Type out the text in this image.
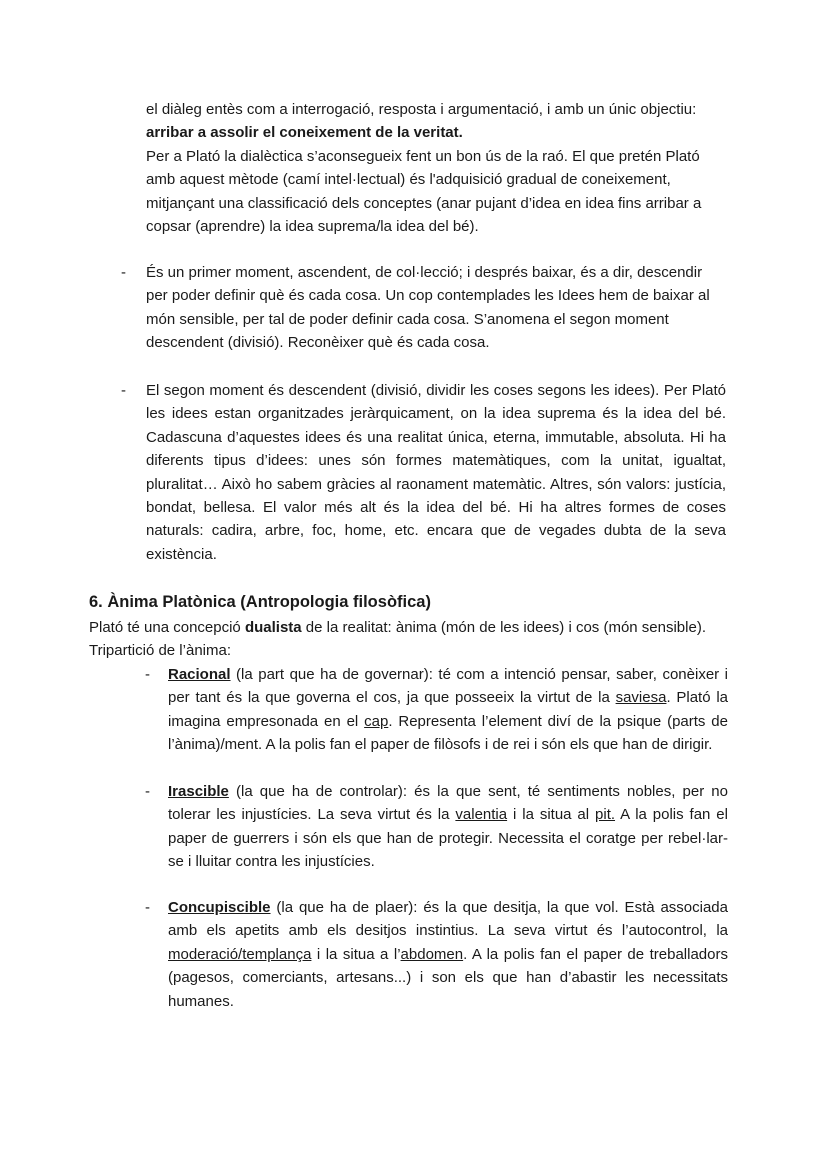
el diàleg entès com a interrogació, resposta i argumentació, i amb un únic objectiu:

arribar a assolir el coneixement de la veritat.

Per a Plató la dialèctica s’aconsegueix fent un bon ús de la raó. El que pretén Plató amb aquest mètode (camí intel·lectual) és l'adquisició gradual de coneixement, mitjançant una classificació dels conceptes (anar pujant d’idea en idea fins arribar a copsar (aprendre) la idea suprema/la idea del bé).

- És un primer moment, ascendent, de col·lecció; i després baixar, és a dir, descendir per poder definir què és cada cosa. Un cop contemplades les Idees hem de baixar al món sensible, per tal de poder definir cada cosa. S’anomena el segon moment descendent (divisió). Reconèixer què és cada cosa.

- El segon moment és descendent (divisió, dividir les coses segons les idees). Per Plató les idees estan organitzades jeràrquicament, on la idea suprema és la idea del bé. Cadascuna d’aquestes idees és una realitat única, eterna, immutable, absoluta. Hi ha diferents tipus d’idees: unes són formes matemàtiques, com la unitat, igualtat, pluralitat… Això ho sabem gràcies al raonament matemàtic. Altres, són valors: justícia, bondat, bellesa. El valor més alt és la idea del bé. Hi ha altres formes de coses naturals: cadira, arbre, foc, home, etc. encara que de vegades dubta de la seva existència.

6. Ànima Platònica (Antropologia filosòfica)

Plató té una concepció dualista de la realitat: ànima (món de les idees) i cos (món sensible).

Tripartició de l’ànima:

- Racional (la part que ha de governar): té com a intenció pensar, saber, conèixer i per tant és la que governa el cos, ja que posseeix la virtut de la saviesa. Plató la imagina empresonada en el cap. Representa l’element diví de la psique (parts de l’ànima)/ment. A la polis fan el paper de filòsofs i de rei i són els que han de dirigir.

- Irascible (la que ha de controlar): és la que sent, té sentiments nobles, per no tolerar les injustícies. La seva virtut és la valentia i la situa al pit. A la polis fan el paper de guerrers i són els que han de protegir. Necessita el coratge per rebel·lar-se i lluitar contra les injustícies.

- Concupiscible (la que ha de plaer): és la que desitja, la que vol. Està associada amb els apetits amb els desitjos instintius. La seva virtut és l’autocontrol, la moderació/templança i la situa a l’abdomen. A la polis fan el paper de treballadors (pagesos, comerciants, artesans...) i son els que han d’abastir les necessitats humanes.
